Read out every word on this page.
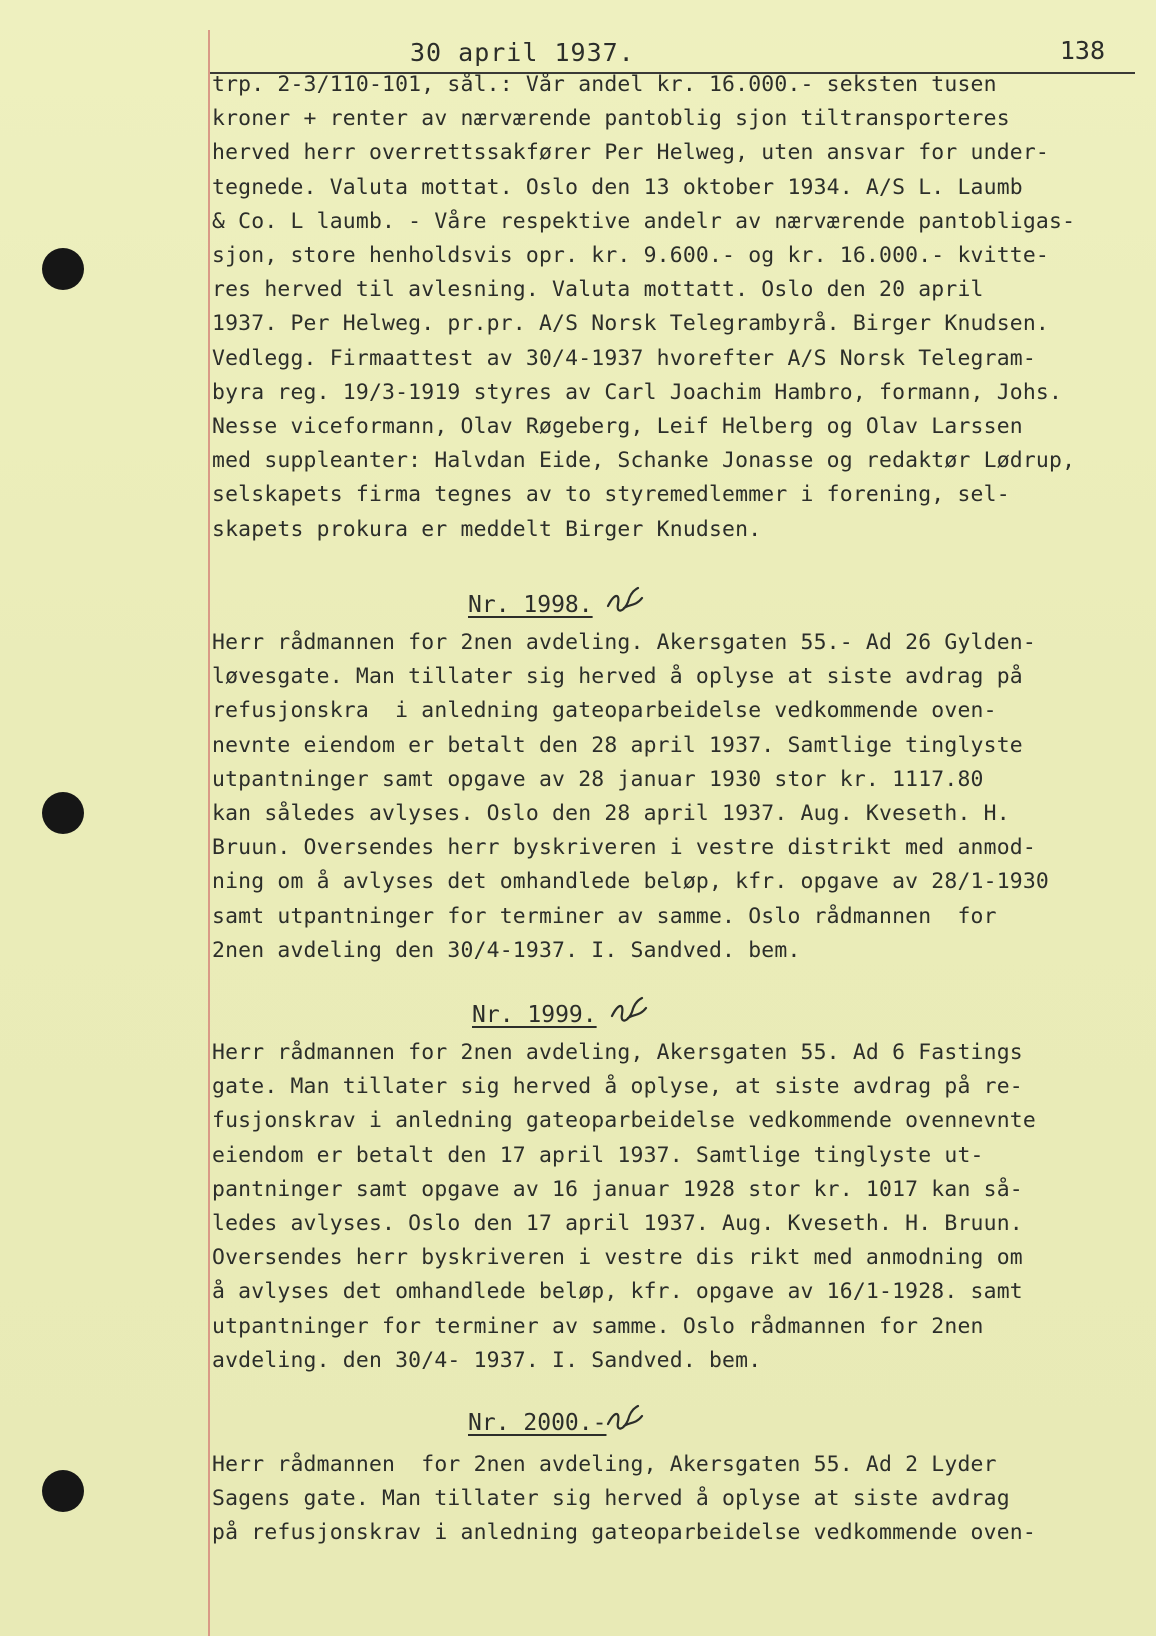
30 april 1937.	138
trp. 2-3/110-101, sål.: Vår andel kr. 16.000.- seksten tusen
kroner + renter av nærværende pantoblig sjon tiltransporteres
herved herr overrettssakfører Per Helweg, uten ansvar for under-
tegnede. Valuta mottat. Oslo den 13 oktober 1934. A/S L. Laumb
& Co. L laumb. - Våre respektive andelr av nærværende pantobligas-
sjon, store henholdsvis opr. kr. 9.600.- og kr. 16.000.- kvitte-
res herved til avlesning. Valuta mottatt. Oslo den 20 april
1937. Per Helweg. pr.pr. A/S Norsk Telegrambyrå. Birger Knudsen.
Vedlegg. Firmaattest av 30/4-1937 hvorefter A/S Norsk Telegram-
byra reg. 19/3-1919 styres av Carl Joachim Hambro, formann, Johs.
Nesse viceformann, Olav Røgeberg, Leif Helberg og Olav Larssen
med suppleanter: Halvdan Eide, Schanke Jonasse og redaktør Lødrup,
selskapets firma tegnes av to styremedlemmer i forening, sel-
skapets prokura er meddelt Birger Knudsen.
Nr. 1998.
Herr rådmannen for 2nen avdeling. Akersgaten 55.- Ad 26 Gylden-
løvesgate. Man tillater sig herved å oplyse at siste avdrag på
refusjonskra  i anledning gateoparbeidelse vedkommende oven-
nevnte eiendom er betalt den 28 april 1937. Samtlige tinglyste
utpantninger samt opgave av 28 januar 1930 stor kr. 1117.80
kan således avlyses. Oslo den 28 april 1937. Aug. Kveseth. H.
Bruun. Oversendes herr byskriveren i vestre distrikt med anmod-
ning om å avlyses det omhandlede beløp, kfr. opgave av 28/1-1930
samt utpantninger for terminer av samme. Oslo rådmannen  for
2nen avdeling den 30/4-1937. I. Sandved. bem.
Nr. 1999.
Herr rådmannen for 2nen avdeling, Akersgaten 55. Ad 6 Fastings
gate. Man tillater sig herved å oplyse, at siste avdrag på re-
fusjonskrav i anledning gateoparbeidelse vedkommende ovennevnte
eiendom er betalt den 17 april 1937. Samtlige tinglyste ut-
pantninger samt opgave av 16 januar 1928 stor kr. 1017 kan så-
ledes avlyses. Oslo den 17 april 1937. Aug. Kveseth. H. Bruun.
Oversendes herr byskriveren i vestre dis rikt med anmodning om
å avlyses det omhandlede beløp, kfr. opgave av 16/1-1928. samt
utpantninger for terminer av samme. Oslo rådmannen for 2nen
avdeling. den 30/4- 1937. I. Sandved. bem.
Nr. 2000.-
Herr rådmannen  for 2nen avdeling, Akersgaten 55. Ad 2 Lyder
Sagens gate. Man tillater sig herved å oplyse at siste avdrag
på refusjonskrav i anledning gateoparbeidelse vedkommende oven-
